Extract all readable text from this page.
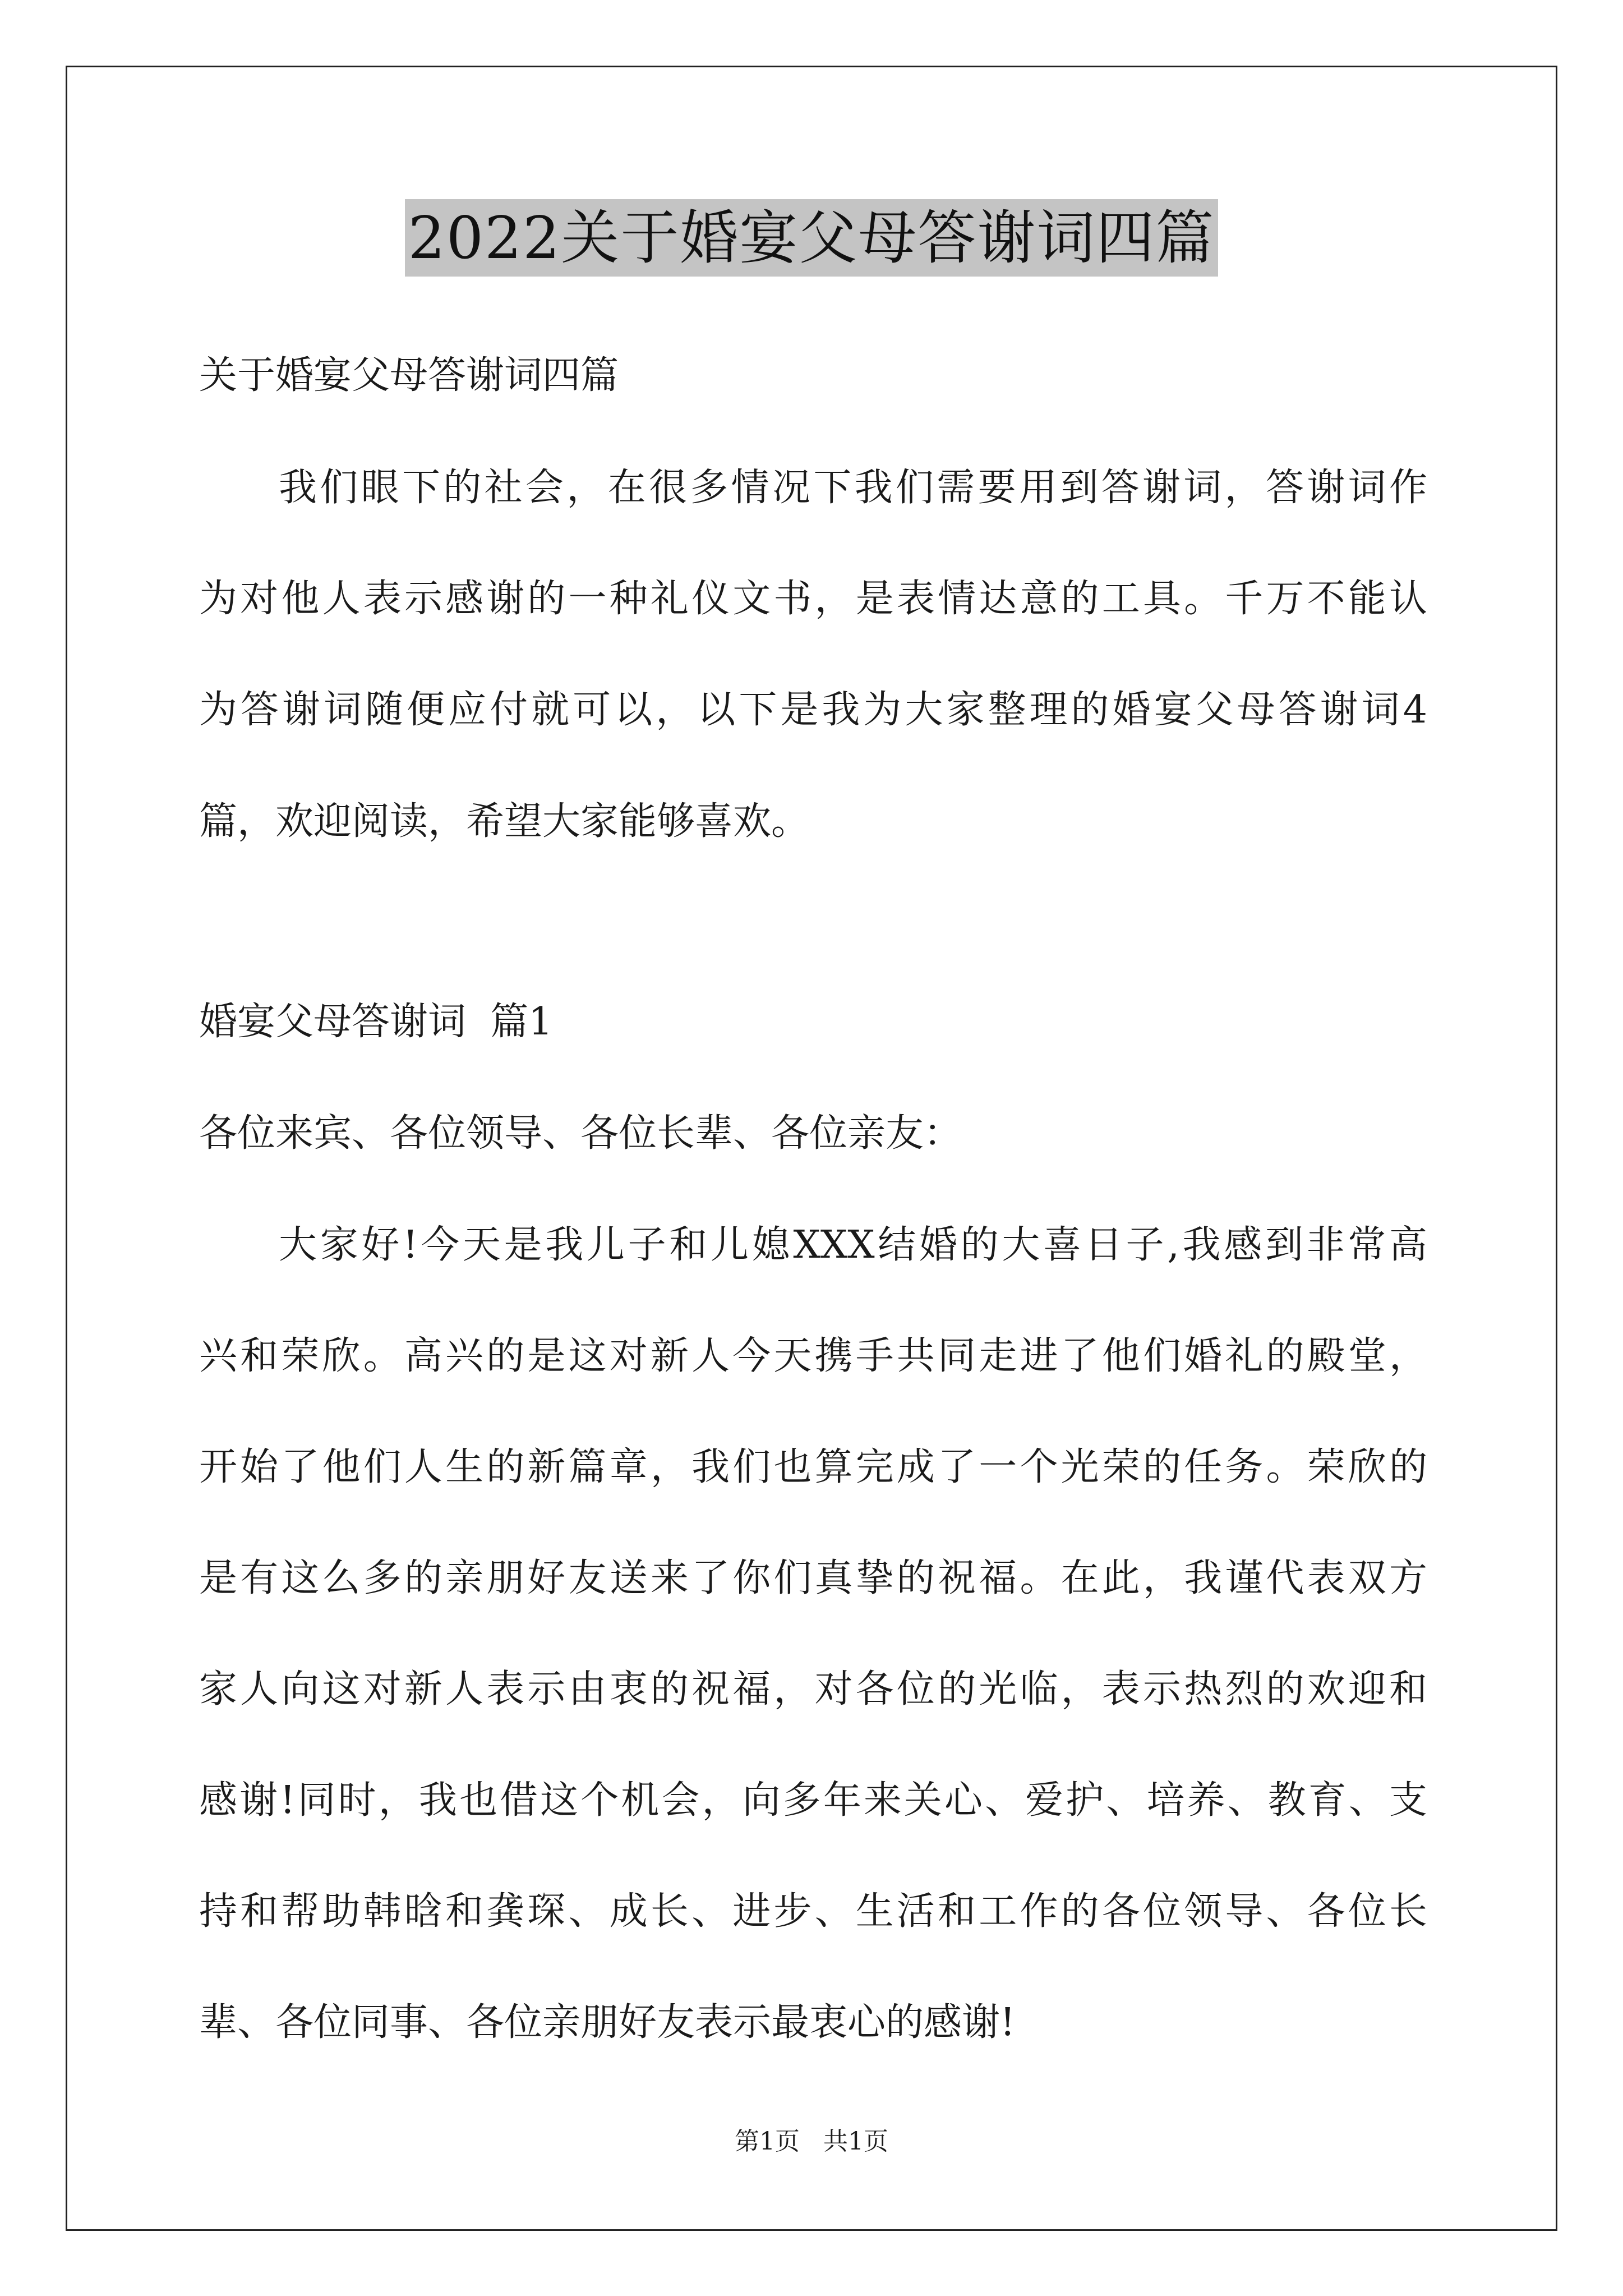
2022关于婚宴父母答谢词四篇
关于婚宴父母答谢词四篇
我们眼下的社会，在很多情况下我们需要用到答谢词，答谢词作
为对他人表示感谢的一种礼仪文书，是表情达意的工具。千万不能认
为答谢词随便应付就可以，以下是我为大家整理的婚宴父母答谢词4
篇，欢迎阅读，希望大家能够喜欢。
婚宴父母答谢词  篇1
各位来宾、各位领导、各位长辈、各位亲友：
大家好!今天是我儿子和儿媳XXX结婚的大喜日子,我感到非常高
兴和荣欣。高兴的是这对新人今天携手共同走进了他们婚礼的殿堂，
开始了他们人生的新篇章，我们也算完成了一个光荣的任务。荣欣的
是有这么多的亲朋好友送来了你们真挚的祝福。在此，我谨代表双方
家人向这对新人表示由衷的祝福，对各位的光临，表示热烈的欢迎和
感谢!同时，我也借这个机会，向多年来关心、爱护、培养、教育、支
持和帮助韩晗和龚琛、成长、进步、生活和工作的各位领导、各位长
辈、各位同事、各位亲朋好友表示最衷心的感谢!
第1页   共1页
